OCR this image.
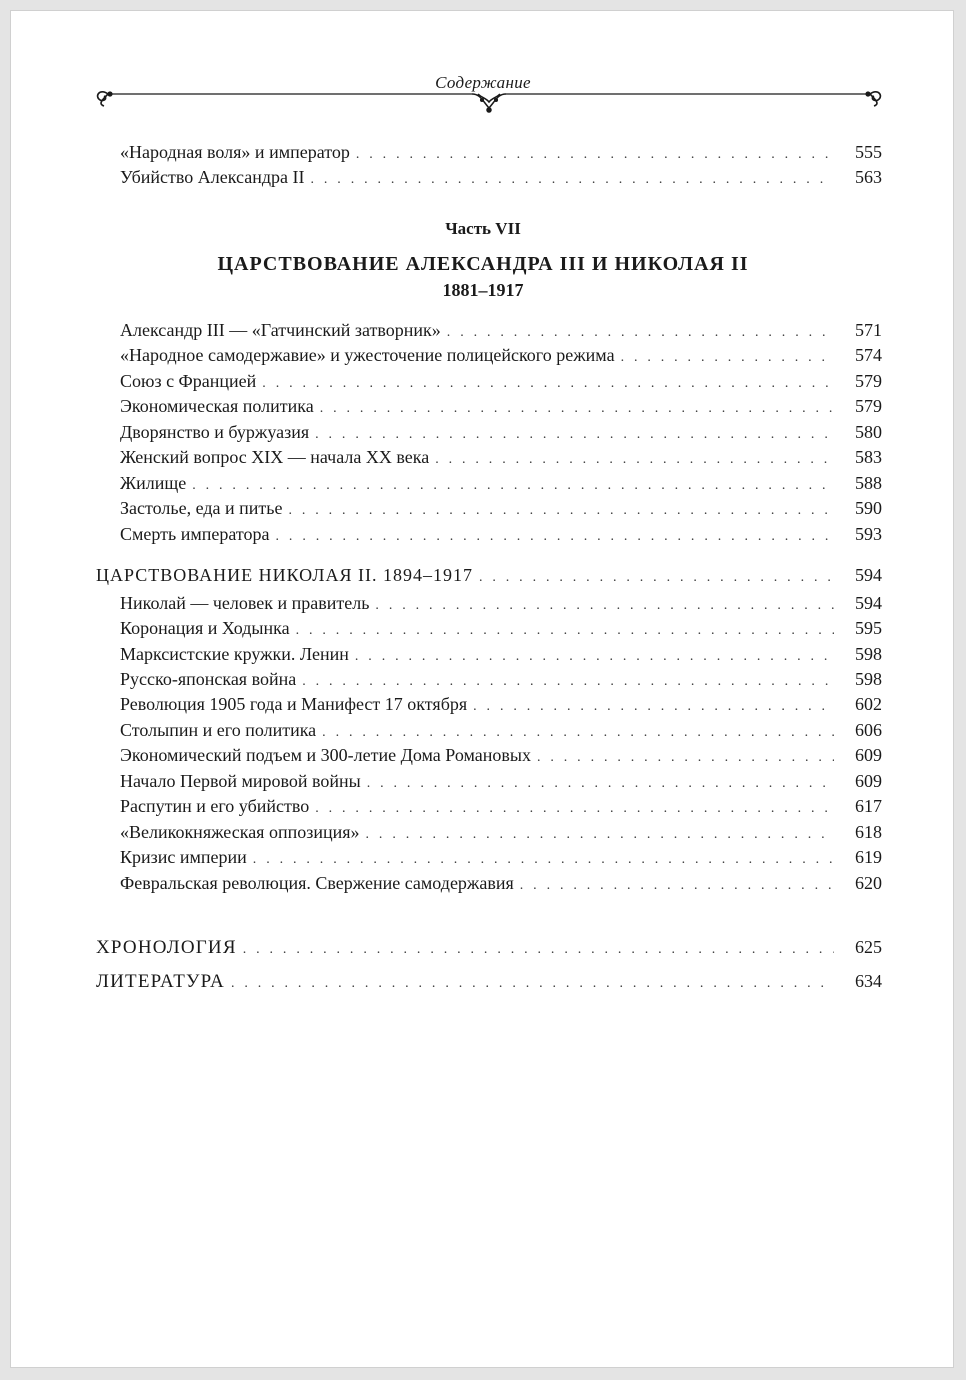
Содержание
«Народная воля» и император . . .	555
Убийство Александра II . . .	563
Часть VII
ЦАРСТВОВАНИЕ АЛЕКСАНДРА III И НИКОЛАЯ II
1881–1917
Александр III — «Гатчинский затворник» . . .	571
«Народное самодержавие» и ужесточение полицейского режима . . .	574
Союз с Францией . . .	579
Экономическая политика . . .	579
Дворянство и буржуазия . . .	580
Женский вопрос XIX — начала XX века . . .	583
Жилище . . .	588
Застолье, еда и питье . . .	590
Смерть императора . . .	593
ЦАРСТВОВАНИЕ НИКОЛАЯ II. 1894–1917 . . .	594
Николай — человек и правитель . . .	594
Коронация и Ходынка . . .	595
Марксистские кружки. Ленин . . .	598
Русско-японская война . . .	598
Революция 1905 года и Манифест 17 октября . . .	602
Столыпин и его политика . . .	606
Экономический подъем и 300-летие Дома Романовых . . .	609
Начало Первой мировой войны . . .	609
Распутин и его убийство . . .	617
«Великокняжеская оппозиция» . . .	618
Кризис империи . . .	619
Февральская революция. Свержение самодержавия . . .	620
ХРОНОЛОГИЯ . . .	625
ЛИТЕРАТУРА . . .	634
